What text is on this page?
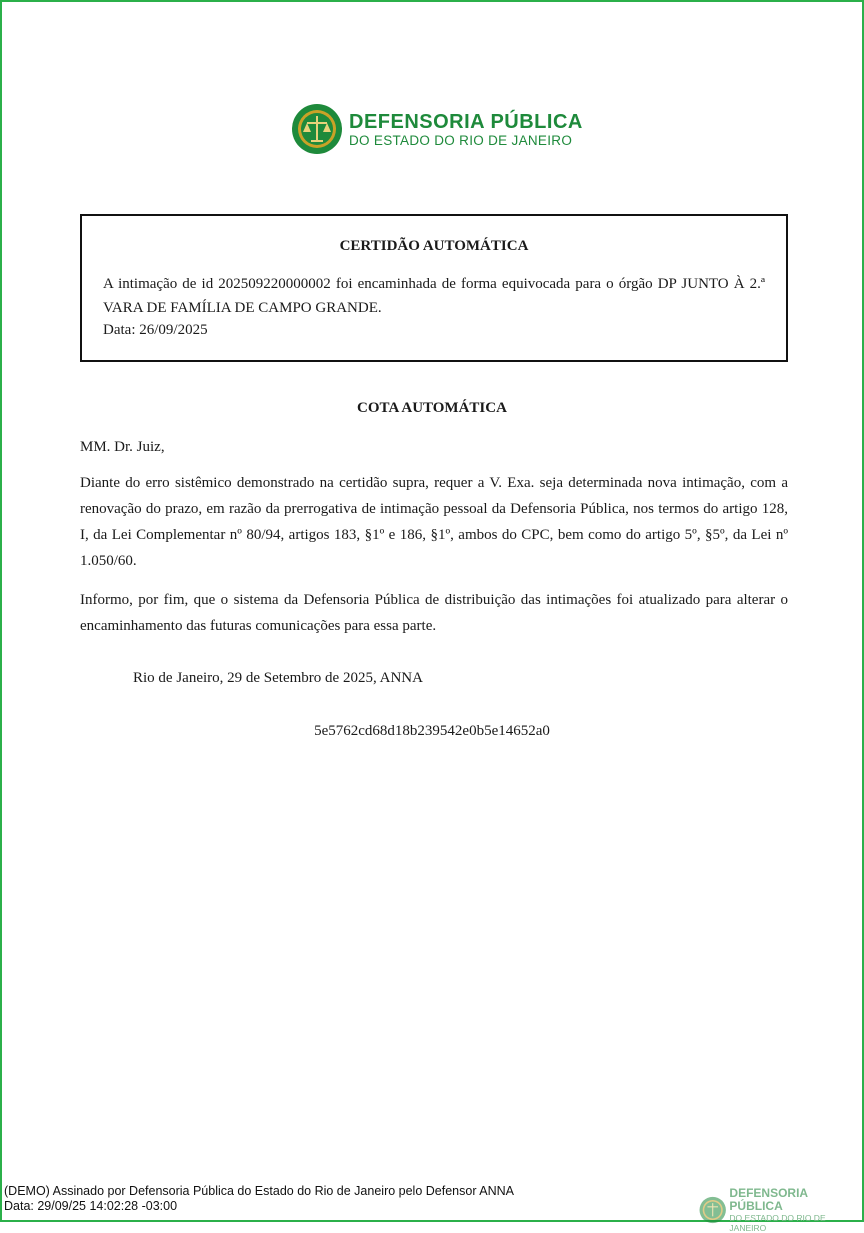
DEFENSORIA PÚBLICA
DO ESTADO DO RIO DE JANEIRO
CERTIDÃO AUTOMÁTICA
A intimação de id 202509220000002 foi encaminhada de forma equivocada para o órgão DP JUNTO À 2.ª VARA DE FAMÍLIA DE CAMPO GRANDE.
Data: 26/09/2025
COTA AUTOMÁTICA
MM. Dr. Juiz,
Diante do erro sistêmico demonstrado na certidão supra, requer a V. Exa. seja determinada nova intimação, com a renovação do prazo, em razão da prerrogativa de intimação pessoal da Defensoria Pública, nos termos do artigo 128, I, da Lei Complementar nº 80/94, artigos 183, §1º e 186, §1º, ambos do CPC, bem como do artigo 5º, §5º, da Lei nº 1.050/60.
Informo, por fim, que o sistema da Defensoria Pública de distribuição das intimações foi atualizado para alterar o encaminhamento das futuras comunicações para essa parte.
Rio de Janeiro, 29 de Setembro de 2025, ANNA
5e5762cd68d18b239542e0b5e14652a0
(DEMO) Assinado por Defensoria Pública do Estado do Rio de Janeiro pelo Defensor ANNA
Data: 29/09/25 14:02:28 -03:00
DEFENSORIA PÚBLICA
DO ESTADO DO RIO DE JANEIRO
